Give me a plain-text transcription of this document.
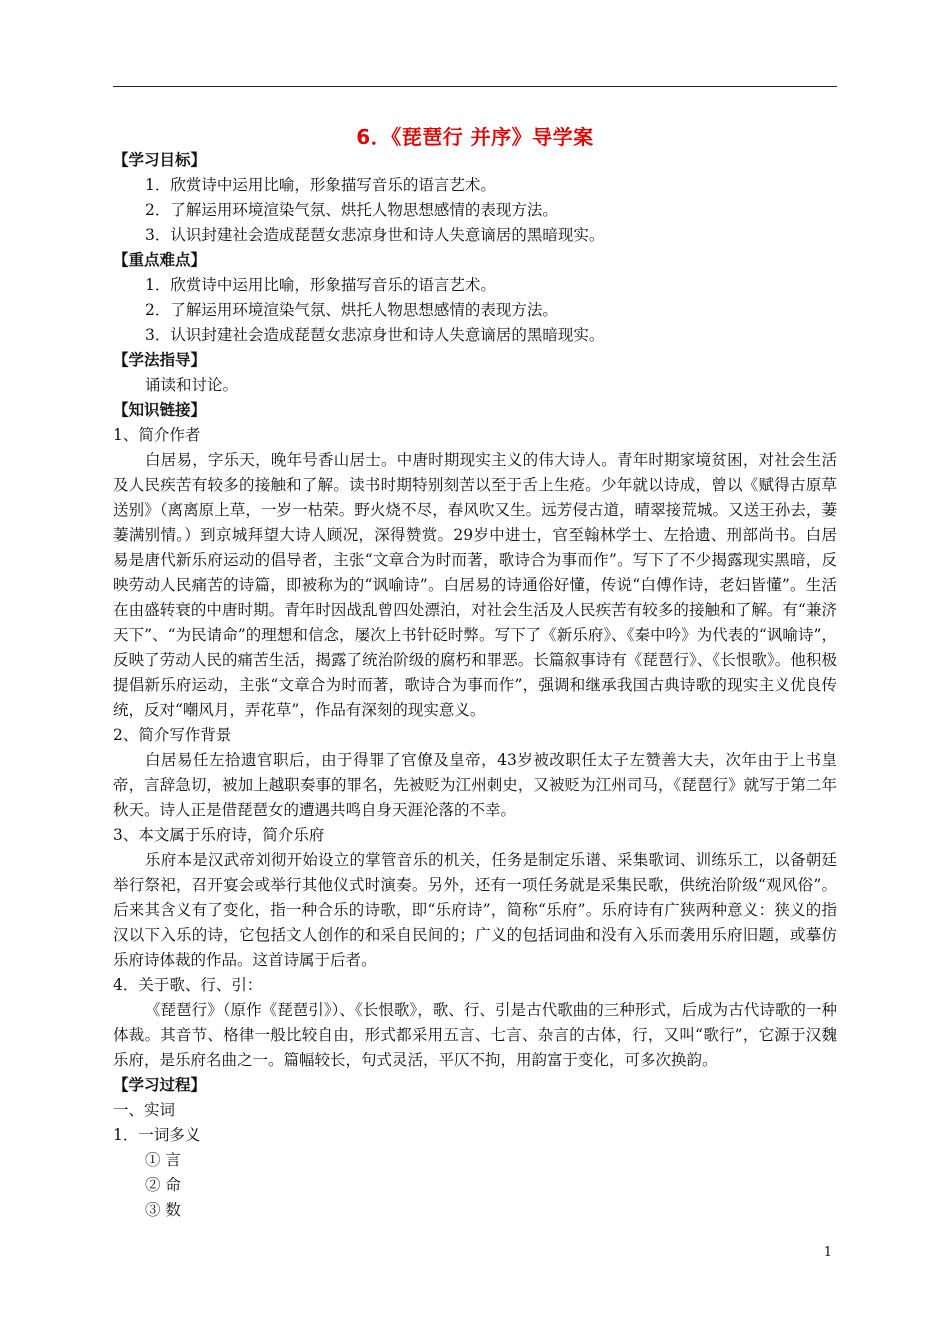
6．《琵琶行 并序》导学案
【学习目标】
1．欣赏诗中运用比喻，形象描写音乐的语言艺术。
2．了解运用环境渲染气氛、烘托人物思想感情的表现方法。
3．认识封建社会造成琵琶女悲凉身世和诗人失意谪居的黑暗现实。
【重点难点】
1．欣赏诗中运用比喻，形象描写音乐的语言艺术。
2．了解运用环境渲染气氛、烘托人物思想感情的表现方法。
3．认识封建社会造成琵琶女悲凉身世和诗人失意谪居的黑暗现实。
【学法指导】
诵读和讨论。
【知识链接】
1、简介作者
白居易，字乐天，晚年号香山居士。中唐时期现实主义的伟大诗人。青年时期家境贫困，对社会生活及人民疾苦有较多的接触和了解。读书时期特别刻苦以至于舌上生疮。少年就以诗成，曾以《赋得古原草送别》（离离原上草，一岁一枯荣。野火烧不尽，春风吹又生。远芳侵古道，晴翠接荒城。又送王孙去，萋萋满别情。）到京城拜望大诗人顾况，深得赞赏。29岁中进士，官至翰林学士、左拾遗、刑部尚书。白居易是唐代新乐府运动的倡导者，主张“文章合为时而著，歌诗合为事而作”。写下了不少揭露现实黑暗，反映劳动人民痛苦的诗篇，即被称为的“讽喻诗”。白居易的诗通俗好懂，传说“白傅作诗，老妇皆懂”。生活在由盛转衰的中唐时期。青年时因战乱曾四处漂泊，对社会生活及人民疾苦有较多的接触和了解。有“兼济天下”、“为民请命”的理想和信念，屡次上书针砭时弊。写下了《新乐府》、《秦中吟》为代表的“讽喻诗”，反映了劳动人民的痛苦生活，揭露了统治阶级的腐朽和罪恶。长篇叙事诗有《琵琶行》、《长恨歌》。他积极提倡新乐府运动，主张“文章合为时而著，歌诗合为事而作”，强调和继承我国古典诗歌的现实主义优良传统，反对“嘲风月，弄花草”，作品有深刻的现实意义。
2、简介写作背景
白居易任左拾遗官职后，由于得罪了官僚及皇帝，43岁被改职任太子左赞善大夫，次年由于上书皇帝，言辞急切，被加上越职奏事的罪名，先被贬为江州刺史，又被贬为江州司马，《琵琶行》就写于第二年秋天。诗人正是借琵琶女的遭遇共鸣自身天涯沦落的不幸。
3、本文属于乐府诗，简介乐府
乐府本是汉武帝刘彻开始设立的掌管音乐的机关，任务是制定乐谱、采集歌词、训练乐工，以备朝廷举行祭祀，召开宴会或举行其他仪式时演奏。另外，还有一项任务就是采集民歌，供统治阶级“观风俗”。后来其含义有了变化，指一种合乐的诗歌，即“乐府诗”，简称“乐府”。乐府诗有广狭两种意义：狭义的指汉以下入乐的诗，它包括文人创作的和采自民间的；广义的包括词曲和没有入乐而袭用乐府旧题，或摹仿乐府诗体裁的作品。这首诗属于后者。
4．关于歌、行、引：
《琵琶行》（原作《琵琶引》）、《长恨歌》，歌、行、引是古代歌曲的三种形式，后成为古代诗歌的一种体裁。其音节、格律一般比较自由，形式都采用五言、七言、杂言的古体，行，又叫“歌行”，它源于汉魏乐府，是乐府名曲之一。篇幅较长，句式灵活，平仄不拘，用韵富于变化，可多次换韵。
【学习过程】
一、实词
1．一词多义
① 言
② 命
③ 数
1
